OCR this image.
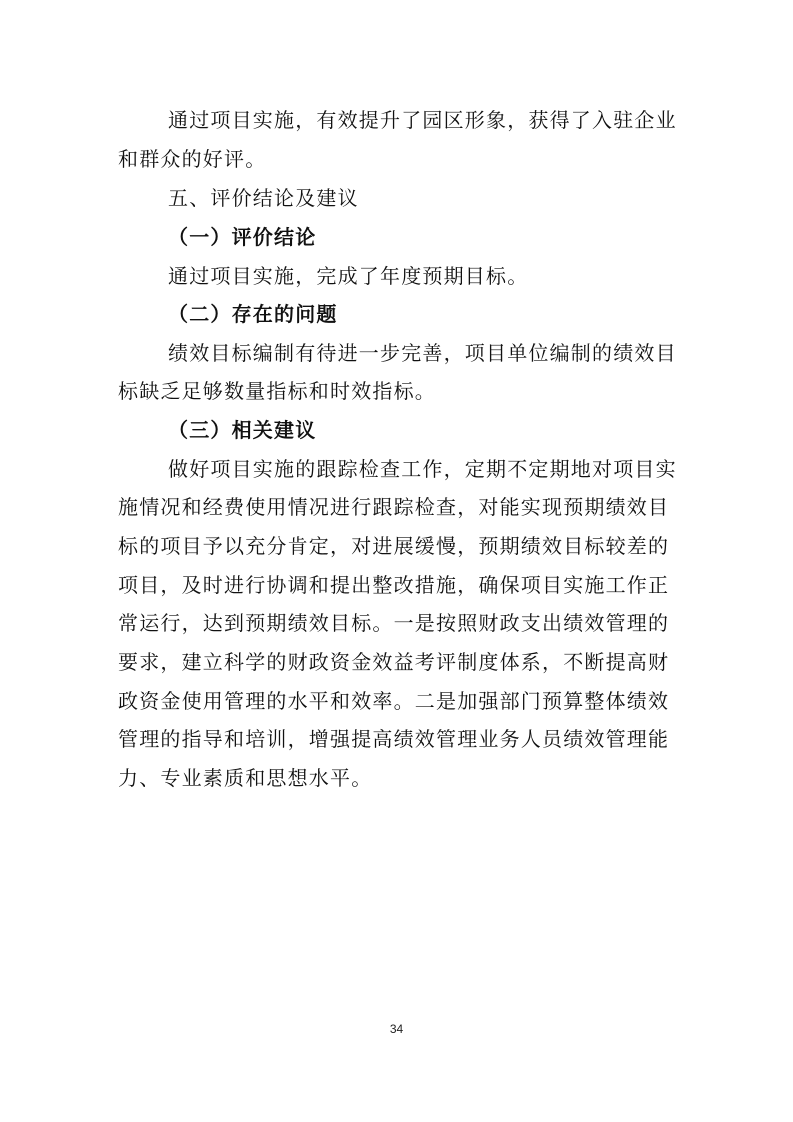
通过项目实施，有效提升了园区形象，获得了入驻企业
和群众的好评。
五、评价结论及建议
（一）评价结论
通过项目实施，完成了年度预期目标。
（二）存在的问题
绩效目标编制有待进一步完善，项目单位编制的绩效目
标缺乏足够数量指标和时效指标。
（三）相关建议
做好项目实施的跟踪检查工作，定期不定期地对项目实
施情况和经费使用情况进行跟踪检查，对能实现预期绩效目
标的项目予以充分肯定，对进展缓慢，预期绩效目标较差的
项目，及时进行协调和提出整改措施，确保项目实施工作正
常运行，达到预期绩效目标。一是按照财政支出绩效管理的
要求，建立科学的财政资金效益考评制度体系，不断提高财
政资金使用管理的水平和效率。二是加强部门预算整体绩效
管理的指导和培训，增强提高绩效管理业务人员绩效管理能
力、专业素质和思想水平。
34
